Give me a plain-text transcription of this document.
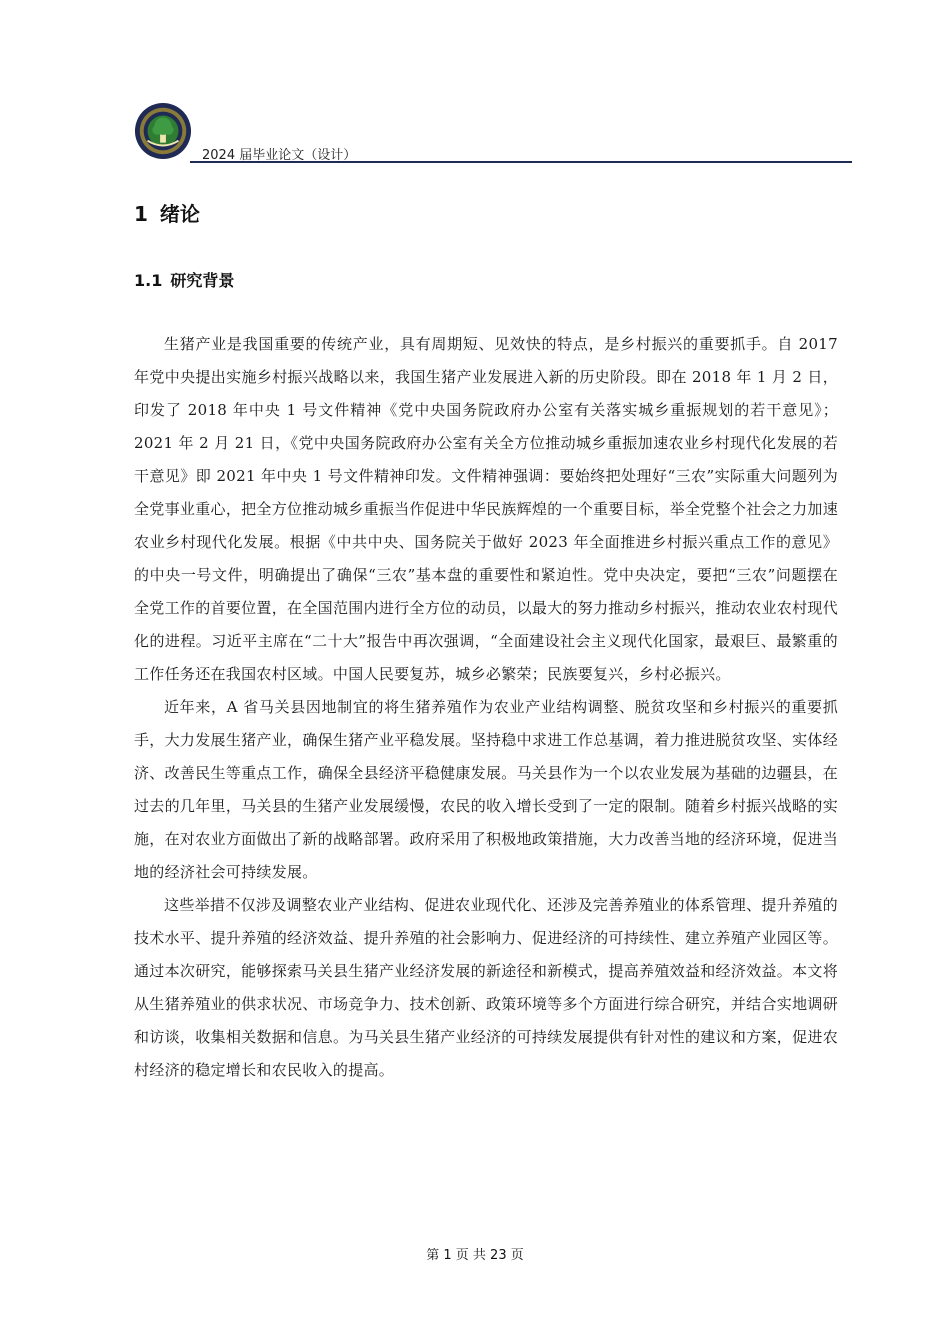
2024 届毕业论文（设计）
1 绪论
1.1 研究背景

生猪产业是我国重要的传统产业，具有周期短、见效快的特点，是乡村振兴的重要抓手。自 2017 年党中央提出实施乡村振兴战略以来，我国生猪产业发展进入新的历史阶段。即在 2018 年 1 月 2 日，印发了 2018 年中央 1 号文件精神《党中央国务院政府办公室有关落实城乡重振规划的若干意见》；2021 年 2 月 21 日，《党中央国务院政府办公室有关全方位推动城乡重振加速农业乡村现代化发展的若干意见》即 2021 年中央 1 号文件精神印发。文件精神强调：要始终把处理好“三农”实际重大问题列为全党事业重心，把全方位推动城乡重振当作促进中华民族辉煌的一个重要目标，举全党整个社会之力加速农业乡村现代化发展。根据《中共中央、国务院关于做好 2023 年全面推进乡村振兴重点工作的意见》的中央一号文件，明确提出了确保“三农”基本盘的重要性和紧迫性。党中央决定，要把“三农”问题摆在全党工作的首要位置，在全国范围内进行全方位的动员，以最大的努力推动乡村振兴，推动农业农村现代化的进程。习近平主席在“二十大”报告中再次强调，“全面建设社会主义现代化国家，最艰巨、最繁重的工作任务还在我国农村区域。中国人民要复苏，城乡必繁荣；民族要复兴，乡村必振兴。

近年来，A 省马关县因地制宜的将生猪养殖作为农业产业结构调整、脱贫攻坚和乡村振兴的重要抓手，大力发展生猪产业，确保生猪产业平稳发展。坚持稳中求进工作总基调，着力推进脱贫攻坚、实体经济、改善民生等重点工作，确保全县经济平稳健康发展。马关县作为一个以农业发展为基础的边疆县，在过去的几年里，马关县的生猪产业发展缓慢，农民的收入增长受到了一定的限制。随着乡村振兴战略的实施，在对农业方面做出了新的战略部署。政府采用了积极地政策措施，大力改善当地的经济环境，促进当地的经济社会可持续发展。

这些举措不仅涉及调整农业产业结构、促进农业现代化、还涉及完善养殖业的体系管理、提升养殖的技术水平、提升养殖的经济效益、提升养殖的社会影响力、促进经济的可持续性、建立养殖产业园区等。通过本次研究，能够探索马关县生猪产业经济发展的新途径和新模式，提高养殖效益和经济效益。本文将从生猪养殖业的供求状况、市场竞争力、技术创新、政策环境等多个方面进行综合研究，并结合实地调研和访谈，收集相关数据和信息。为马关县生猪产业经济的可持续发展提供有针对性的建议和方案，促进农村经济的稳定增长和农民收入的提高。

第 1 页 共 23 页
